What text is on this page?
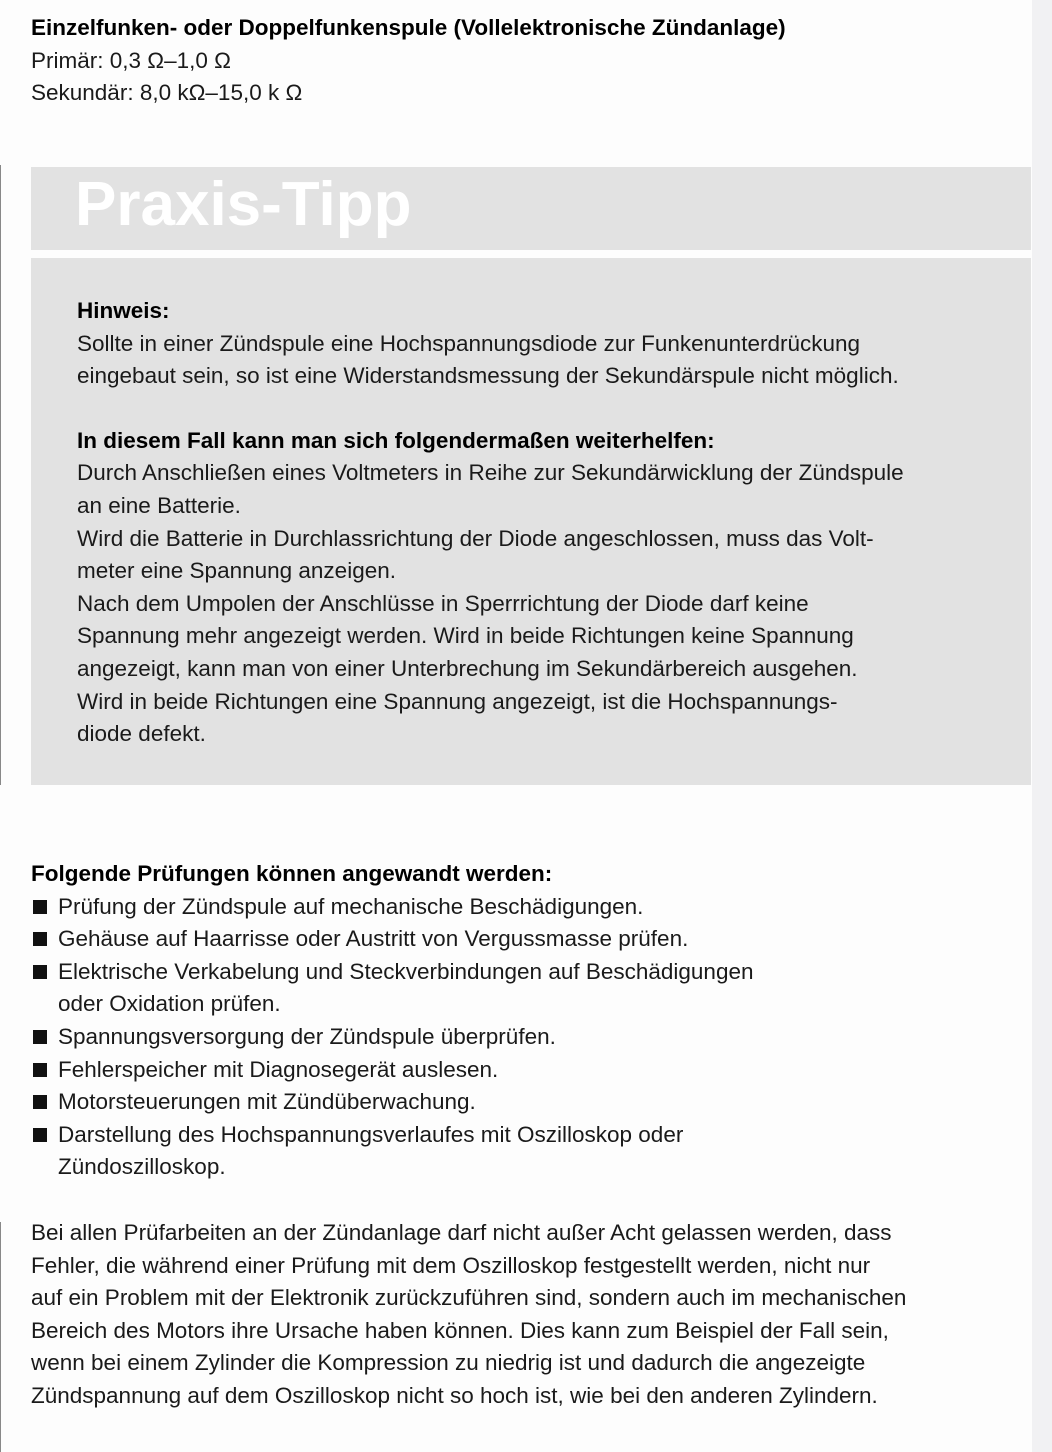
Einzelfunken- oder Doppelfunkenspule (Vollelektronische Zündanlage)
Primär: 0,3 Ω–1,0 Ω
Sekundär: 8,0 kΩ–15,0 k Ω
Praxis-Tipp
Hinweis:
Sollte in einer Zündspule eine Hochspannungsdiode zur Funkenunterdrückung
eingebaut sein, so ist eine Widerstandsmessung der Sekundärspule nicht möglich.
In diesem Fall kann man sich folgendermaßen weiterhelfen:
Durch Anschließen eines Voltmeters in Reihe zur Sekundärwicklung der Zündspule
an eine Batterie.
Wird die Batterie in Durchlassrichtung der Diode angeschlossen, muss das Volt-
meter eine Spannung anzeigen.
Nach dem Umpolen der Anschlüsse in Sperrrichtung der Diode darf keine
Spannung mehr angezeigt werden. Wird in beide Richtungen keine Spannung
angezeigt, kann man von einer Unterbrechung im Sekundärbereich ausgehen.
Wird in beide Richtungen eine Spannung angezeigt, ist die Hochspannungs-
diode defekt.
Folgende Prüfungen können angewandt werden:
Prüfung der Zündspule auf mechanische Beschädigungen.
Gehäuse auf Haarrisse oder Austritt von Vergussmasse prüfen.
Elektrische Verkabelung und Steckverbindungen auf Beschädigungen
oder Oxidation prüfen.
Spannungsversorgung der Zündspule überprüfen.
Fehlerspeicher mit Diagnosegerät auslesen.
Motorsteuerungen mit Zündüberwachung.
Darstellung des Hochspannungsverlaufes mit Oszilloskop oder
Zündoszilloskop.
Bei allen Prüfarbeiten an der Zündanlage darf nicht außer Acht gelassen werden, dass
Fehler, die während einer Prüfung mit dem Oszilloskop festgestellt werden, nicht nur
auf ein Problem mit der Elektronik zurückzuführen sind, sondern auch im mechanischen
Bereich des Motors ihre Ursache haben können. Dies kann zum Beispiel der Fall sein,
wenn bei einem Zylinder die Kompression zu niedrig ist und dadurch die angezeigte
Zündspannung auf dem Oszilloskop nicht so hoch ist, wie bei den anderen Zylindern.
